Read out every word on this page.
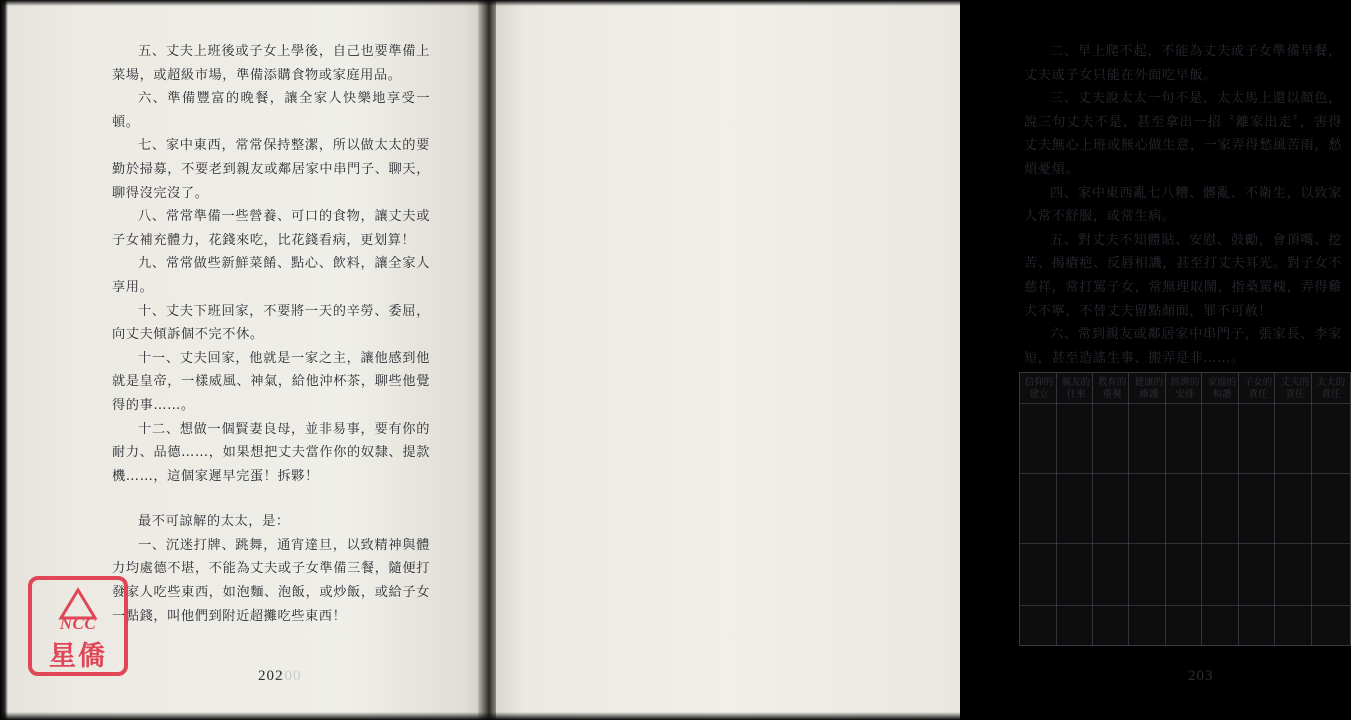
五、丈夫上班後或子女上學後，自己也要準備上菜場，或超級市場，準備添購食物或家庭用品。

六、準備豐富的晚餐，讓全家人快樂地享受一頓。

七、家中東西，常常保持整潔，所以做太太的要勤於掃募，不要老到親友或鄰居家中串門子、聊天，聊得沒完沒了。

八、常常準備一些營養、可口的食物，讓丈夫或子女補充體力，花錢來吃，比花錢看病，更划算！

九、常常做些新鮮菜餚、點心、飲料，讓全家人享用。

十、丈夫下班回家，不要將一天的辛勞、委屈，向丈夫傾訴個不完不休。

十一、丈夫回家，他就是一家之主，讓他感到他就是皇帝，一樣威風、神氣，給他沖杯茶，聊些他覺得的事……。

十二、想做一個賢妻良母，並非易事，要有你的耐力、品德……，如果想把丈夫當作你的奴隸、提款機……，這個家遲早完蛋！拆夥！

最不可諒解的太太，是：

一、沉迷打牌、跳舞，通宵達旦，以致精神與體力均處德不堪，不能為丈夫或子女準備三餐，隨便打發家人吃些東西，如泡麵、泡飯，或炒飯，或給子女一點錢，叫他們到附近超攤吃些東西！

202
200
NCC
星僑

二、早上爬不起，不能為丈夫或子女準備早餐，丈夫或子女只能在外面吃早飯。

三、丈夫說太太一句不是，太太馬上還以顏色，說三句丈夫不是，甚至拿出一招〝離家出走〞，害得丈夫無心上班或無心做生意，一家弄得愁風苦雨，愁煩憂煩。

四、家中東西亂七八糟、髒亂、不衛生，以致家人常不舒服，或常生病。

五、對丈夫不知體貼、安慰、鼓勵，會頂嘴、挖苦、揭瘡疤、反唇相譏，甚至打丈夫耳光。對子女不慈祥，常打罵子女，常無理取鬧，指桑罵槐，弄得雞犬不寧，不替丈夫留點顏面，罪不可赦！

六、常到親友或鄰居家中串門子，張家長、李家短，甚至造謠生事、搬弄是非……。

太太的責任
丈夫的責任
子女的責任
家庭的和諧
經濟的安排
健康的維護
教育的重視
親友的往來
信仰的建立
203
